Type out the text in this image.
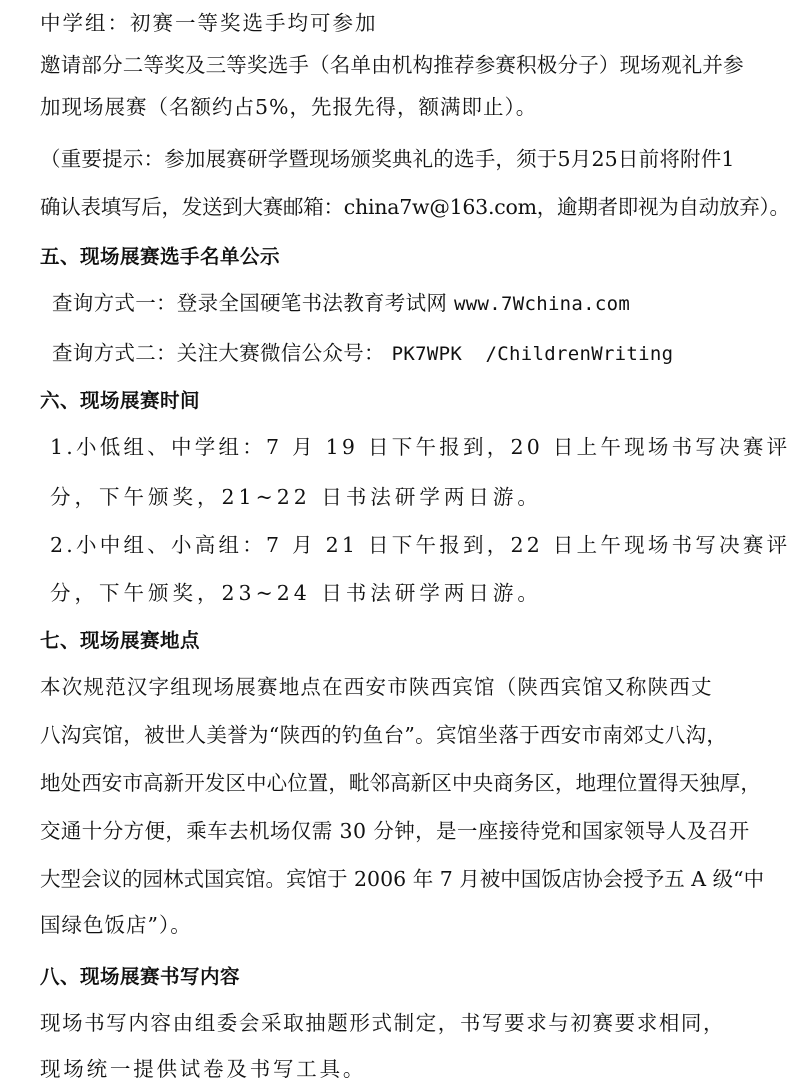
中学组：初赛一等奖选手均可参加
邀请部分二等奖及三等奖选手（名单由机构推荐参赛积极分子）现场观礼并参
加现场展赛（名额约占5%，先报先得，额满即止）。
（重要提示：参加展赛研学暨现场颁奖典礼的选手，须于5月25日前将附件1
确认表填写后，发送到大赛邮箱：china7w@163.com，逾期者即视为自动放弃）。
五、现场展赛选手名单公示
查询方式一：登录全国硬笔书法教育考试网 www.7Wchina.com
查询方式二：关注大赛微信公众号： PK7WPK  /ChildrenWriting
六、现场展赛时间
1.小低组、中学组：7 月 19 日下午报到，20 日上午现场书写决赛评
分，下午颁奖，21~22 日书法研学两日游。
2.小中组、小高组：7 月 21 日下午报到，22 日上午现场书写决赛评
分，下午颁奖，23~24 日书法研学两日游。
七、现场展赛地点
本次规范汉字组现场展赛地点在西安市陕西宾馆（陕西宾馆又称陕西丈
八沟宾馆，被世人美誉为“陕西的钓鱼台”。宾馆坐落于西安市南郊丈八沟，
地处西安市高新开发区中心位置，毗邻高新区中央商务区，地理位置得天独厚，
交通十分方便，乘车去机场仅需 30 分钟，是一座接待党和国家领导人及召开
大型会议的园林式国宾馆。宾馆于 2006 年 7 月被中国饭店协会授予五 A 级“中
国绿色饭店”）。
八、现场展赛书写内容
现场书写内容由组委会采取抽题形式制定，书写要求与初赛要求相同，
现场统一提供试卷及书写工具。
